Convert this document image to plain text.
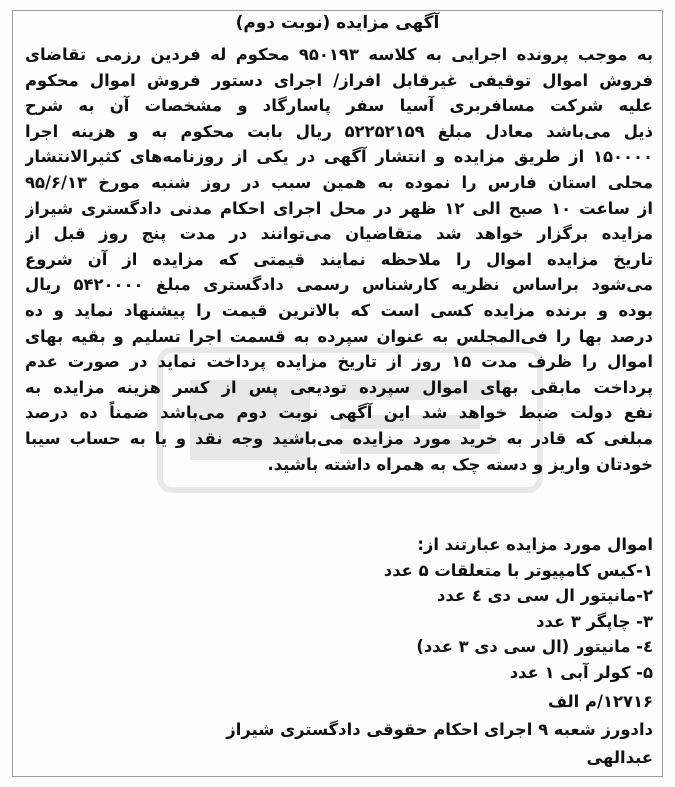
آگهی مزایده (نوبت دوم)
به موجب پرونده اجرایی به کلاسه ۹۵۰۱۹۳ محکوم له فردین رزمی تقاضای
فروش اموال توقیفی غیرقابل افراز/ اجرای دستور فروش اموال محکوم
علیه شرکت مسافربری آسیا سفر پاسارگاد و مشخصات آن به شرح
ذیل می‌باشد معادل مبلغ ۵۲۲۵۲۱۵۹ ریال بابت محکوم به و هزینه اجرا
۱۵۰۰۰۰ از طریق مزایده و انتشار آگهی در یکی از روزنامه‌های کثیرالانتشار
محلی استان فارس را نموده به همین سبب در روز شنبه مورخ ۹۵/۶/۱۳
از ساعت ۱۰ صبح الی ۱۲ ظهر در محل اجرای احکام مدنی دادگستری شیراز
مزایده برگزار خواهد شد متقاضیان می‌توانند در مدت پنج روز قبل از
تاریخ مزایده اموال را ملاحظه نمایند قیمتی که مزایده از آن شروع
می‌شود براساس نظریه کارشناس رسمی دادگستری مبلغ ۵۴۲۰۰۰۰ ریال
بوده و برنده مزایده کسی است که بالاترین قیمت را پیشنهاد نماید و ده
درصد بها را فی‌المجلس به عنوان سپرده به قسمت اجرا تسلیم و بقیه بهای
اموال را ظرف مدت ۱۵ روز از تاریخ مزایده پرداخت نماید در صورت عدم
پرداخت مابقی بهای اموال سپرده تودیعی پس از کسر هزینه مزایده به
نفع دولت ضبط خواهد شد این آگهی نوبت دوم می‌باشد ضمناً ده درصد
مبلغی که قادر به خرید مورد مزایده می‌باشید وجه نقد و یا به حساب سیبا
خودتان واریز و دسته چک به همراه داشته باشید.
اموال مورد مزایده عبارتند از:
۱-کیس کامپیوتر با متعلقات ۵ عدد
۲-مانیتور ال سی دی ٤ عدد
۳- چاپگر ۳ عدد
٤- مانیتور (ال سی دی ۳ عدد)
۵- کولر آبی ۱ عدد
۱۲۷۱۶/م الف
دادورز شعبه ۹ اجرای احکام حقوقی دادگستری شیراز
عبدالهی
